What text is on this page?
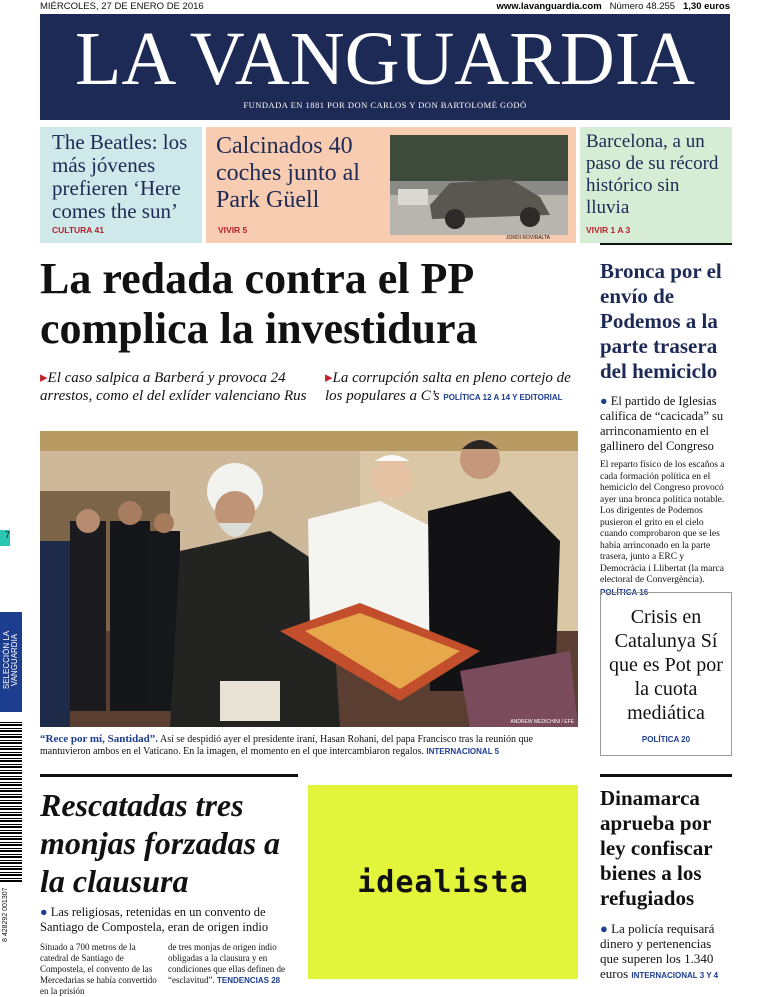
MIÉRCOLES, 27 DE ENERO DE 2016	www.lavanguardia.com Número 48.255 1,30 euros
LA VANGUARDIA
FUNDADA EN 1881 POR DON CARLOS Y DON BARTOLOMÉ GODÓ
The Beatles: los más jóvenes prefieren ‘Here comes the sun’
CULTURA 41
Calcinados 40 coches junto al Park Güell
VIVIR 5
JORDI ROVIRALTA
Barcelona, a un paso de su récord histórico sin lluvia
VIVIR 1 A 3
La redada contra el PP complica la investidura
▸El caso salpica a Barberá y provoca 24 arrestos, como el del exlíder valenciano Rus
▸La corrupción salta en pleno cortejo de los populares a C’s POLÍTICA 12 A 14 Y EDITORIAL
ANDREW MEDICHINI / EFE
“Rece por mí, Santidad”. Así se despidió ayer el presidente iraní, Hasan Rohani, del papa Francisco tras la reunión que mantuvieron ambos en el Vaticano. En la imagen, el momento en el que intercambiaron regalos. INTERNACIONAL 5
Bronca por el envío de Podemos a la parte trasera del hemiciclo
● El partido de Iglesias califica de “cacicada” su arrinconamiento en el gallinero del Congreso
El reparto físico de los escaños a cada formación política en el hemiciclo del Congreso provocó ayer una bronca política notable. Los dirigentes de Podemos pusieron el grito en el cielo cuando comprobaron que se les había arrinconado en la parte trasera, junto a ERC y Democràcia i Llibertat (la marca electoral de Convergència). POLÍTICA 16
Crisis en Catalunya Sí que es Pot por la cuota mediática
POLÍTICA 20
Dinamarca aprueba por ley confiscar bienes a los refugiados
● La policía requisará dinero y pertenencias que superen los 1.340 euros INTERNACIONAL 3 Y 4
Rescatadas tres monjas forzadas a la clausura
● Las religiosas, retenidas en un convento de Santiago de Compostela, eran de origen indio
Situado a 700 metros de la catedral de Santiago de Compostela, el convento de las Mercedarias se había convertido en la prisión
de tres monjas de origen indio obligadas a la clausura y en condiciones que ellas definen de “esclavitud”. TENDENCIAS 28
idealista
7
SELECCIÓN LA VANGUARDIA
8 428292 001307
